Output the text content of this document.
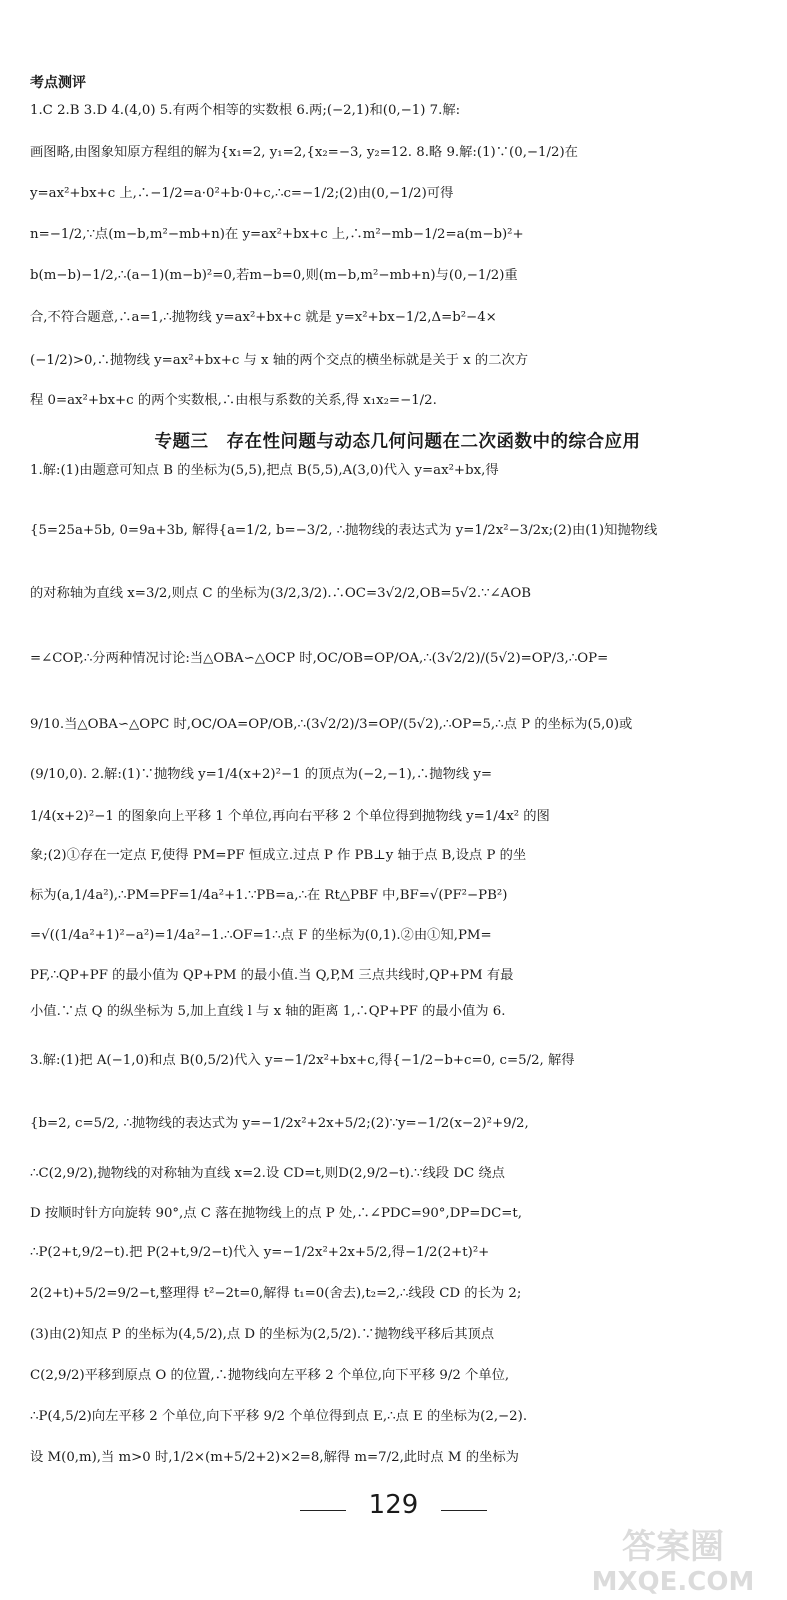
考点测评
1.C 2.B 3.D 4.(4,0) 5.有两个相等的实数根 6.两;(−2,1)和(0,−1) 7.解:
画图略,由图象知原方程组的解为{x₁=2, y₁=2,{x₂=−3, y₂=12. 8.略 9.解:(1)∵(0,−1/2)在
y=ax²+bx+c 上,∴−1/2=a·0²+b·0+c,∴c=−1/2;(2)由(0,−1/2)可得
n=−1/2,∵点(m−b,m²−mb+n)在 y=ax²+bx+c 上,∴m²−mb−1/2=a(m−b)²+
b(m−b)−1/2,∴(a−1)(m−b)²=0,若m−b=0,则(m−b,m²−mb+n)与(0,−1/2)重
合,不符合题意,∴a=1,∴抛物线 y=ax²+bx+c 就是 y=x²+bx−1/2,Δ=b²−4×
(−1/2)>0,∴抛物线 y=ax²+bx+c 与 x 轴的两个交点的横坐标就是关于 x 的二次方
程 0=ax²+bx+c 的两个实数根,∴由根与系数的关系,得 x₁x₂=−1/2.
专题三　存在性问题与动态几何问题在二次函数中的综合应用
1.解:(1)由题意可知点 B 的坐标为(5,5),把点 B(5,5),A(3,0)代入 y=ax²+bx,得
{5=25a+5b, 0=9a+3b, 解得{a=1/2, b=−3/2, ∴抛物线的表达式为 y=1/2x²−3/2x;(2)由(1)知抛物线
的对称轴为直线 x=3/2,则点 C 的坐标为(3/2,3/2).∴OC=3√2/2,OB=5√2.∵∠AOB
=∠COP,∴分两种情况讨论:当△OBA∽△OCP 时,OC/OB=OP/OA,∴(3√2/2)/(5√2)=OP/3,∴OP=
9/10.当△OBA∽△OPC 时,OC/OA=OP/OB,∴(3√2/2)/3=OP/(5√2),∴OP=5,∴点 P 的坐标为(5,0)或
(9/10,0). 2.解:(1)∵抛物线 y=1/4(x+2)²−1 的顶点为(−2,−1),∴抛物线 y=
1/4(x+2)²−1 的图象向上平移 1 个单位,再向右平移 2 个单位得到抛物线 y=1/4x² 的图
象;(2)①存在一定点 F,使得 PM=PF 恒成立.过点 P 作 PB⊥y 轴于点 B,设点 P 的坐
标为(a,1/4a²),∴PM=PF=1/4a²+1.∵PB=a,∴在 Rt△PBF 中,BF=√(PF²−PB²)
=√((1/4a²+1)²−a²)=1/4a²−1.∴OF=1∴点 F 的坐标为(0,1).②由①知,PM=
PF,∴QP+PF 的最小值为 QP+PM 的最小值.当 Q,P,M 三点共线时,QP+PM 有最
小值.∵点 Q 的纵坐标为 5,加上直线 l 与 x 轴的距离 1,∴QP+PF 的最小值为 6.
3.解:(1)把 A(−1,0)和点 B(0,5/2)代入 y=−1/2x²+bx+c,得{−1/2−b+c=0, c=5/2, 解得
{b=2, c=5/2, ∴抛物线的表达式为 y=−1/2x²+2x+5/2;(2)∵y=−1/2(x−2)²+9/2,
∴C(2,9/2),抛物线的对称轴为直线 x=2.设 CD=t,则D(2,9/2−t).∵线段 DC 绕点
D 按顺时针方向旋转 90°,点 C 落在抛物线上的点 P 处,∴∠PDC=90°,DP=DC=t,
∴P(2+t,9/2−t).把 P(2+t,9/2−t)代入 y=−1/2x²+2x+5/2,得−1/2(2+t)²+
2(2+t)+5/2=9/2−t,整理得 t²−2t=0,解得 t₁=0(舍去),t₂=2,∴线段 CD 的长为 2;
(3)由(2)知点 P 的坐标为(4,5/2),点 D 的坐标为(2,5/2).∵抛物线平移后其顶点
C(2,9/2)平移到原点 O 的位置,∴抛物线向左平移 2 个单位,向下平移 9/2 个单位,
∴P(4,5/2)向左平移 2 个单位,向下平移 9/2 个单位得到点 E,∴点 E 的坐标为(2,−2).
设 M(0,m),当 m>0 时,1/2×(m+5/2+2)×2=8,解得 m=7/2,此时点 M 的坐标为
129
答案圈
MXQE.COM
